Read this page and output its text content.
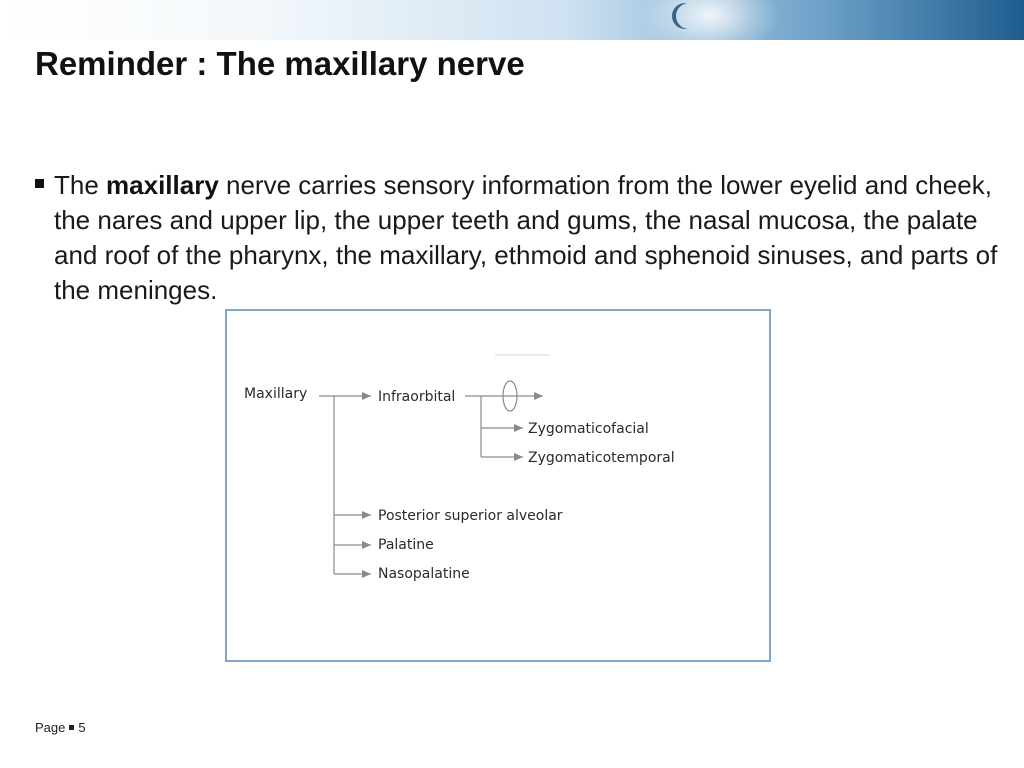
Reminder : The maxillary nerve

The maxillary nerve carries sensory information from the lower eyelid and cheek, the nares and upper lip, the upper teeth and gums, the nasal mucosa, the palate and roof of the pharynx, the maxillary, ethmoid and sphenoid sinuses, and parts of the meninges.

Maxillary	Infraorbital
Zygomaticofacial
Zygomaticotemporal
Posterior superior alveolar
Palatine
Nasopalatine
Page 5
